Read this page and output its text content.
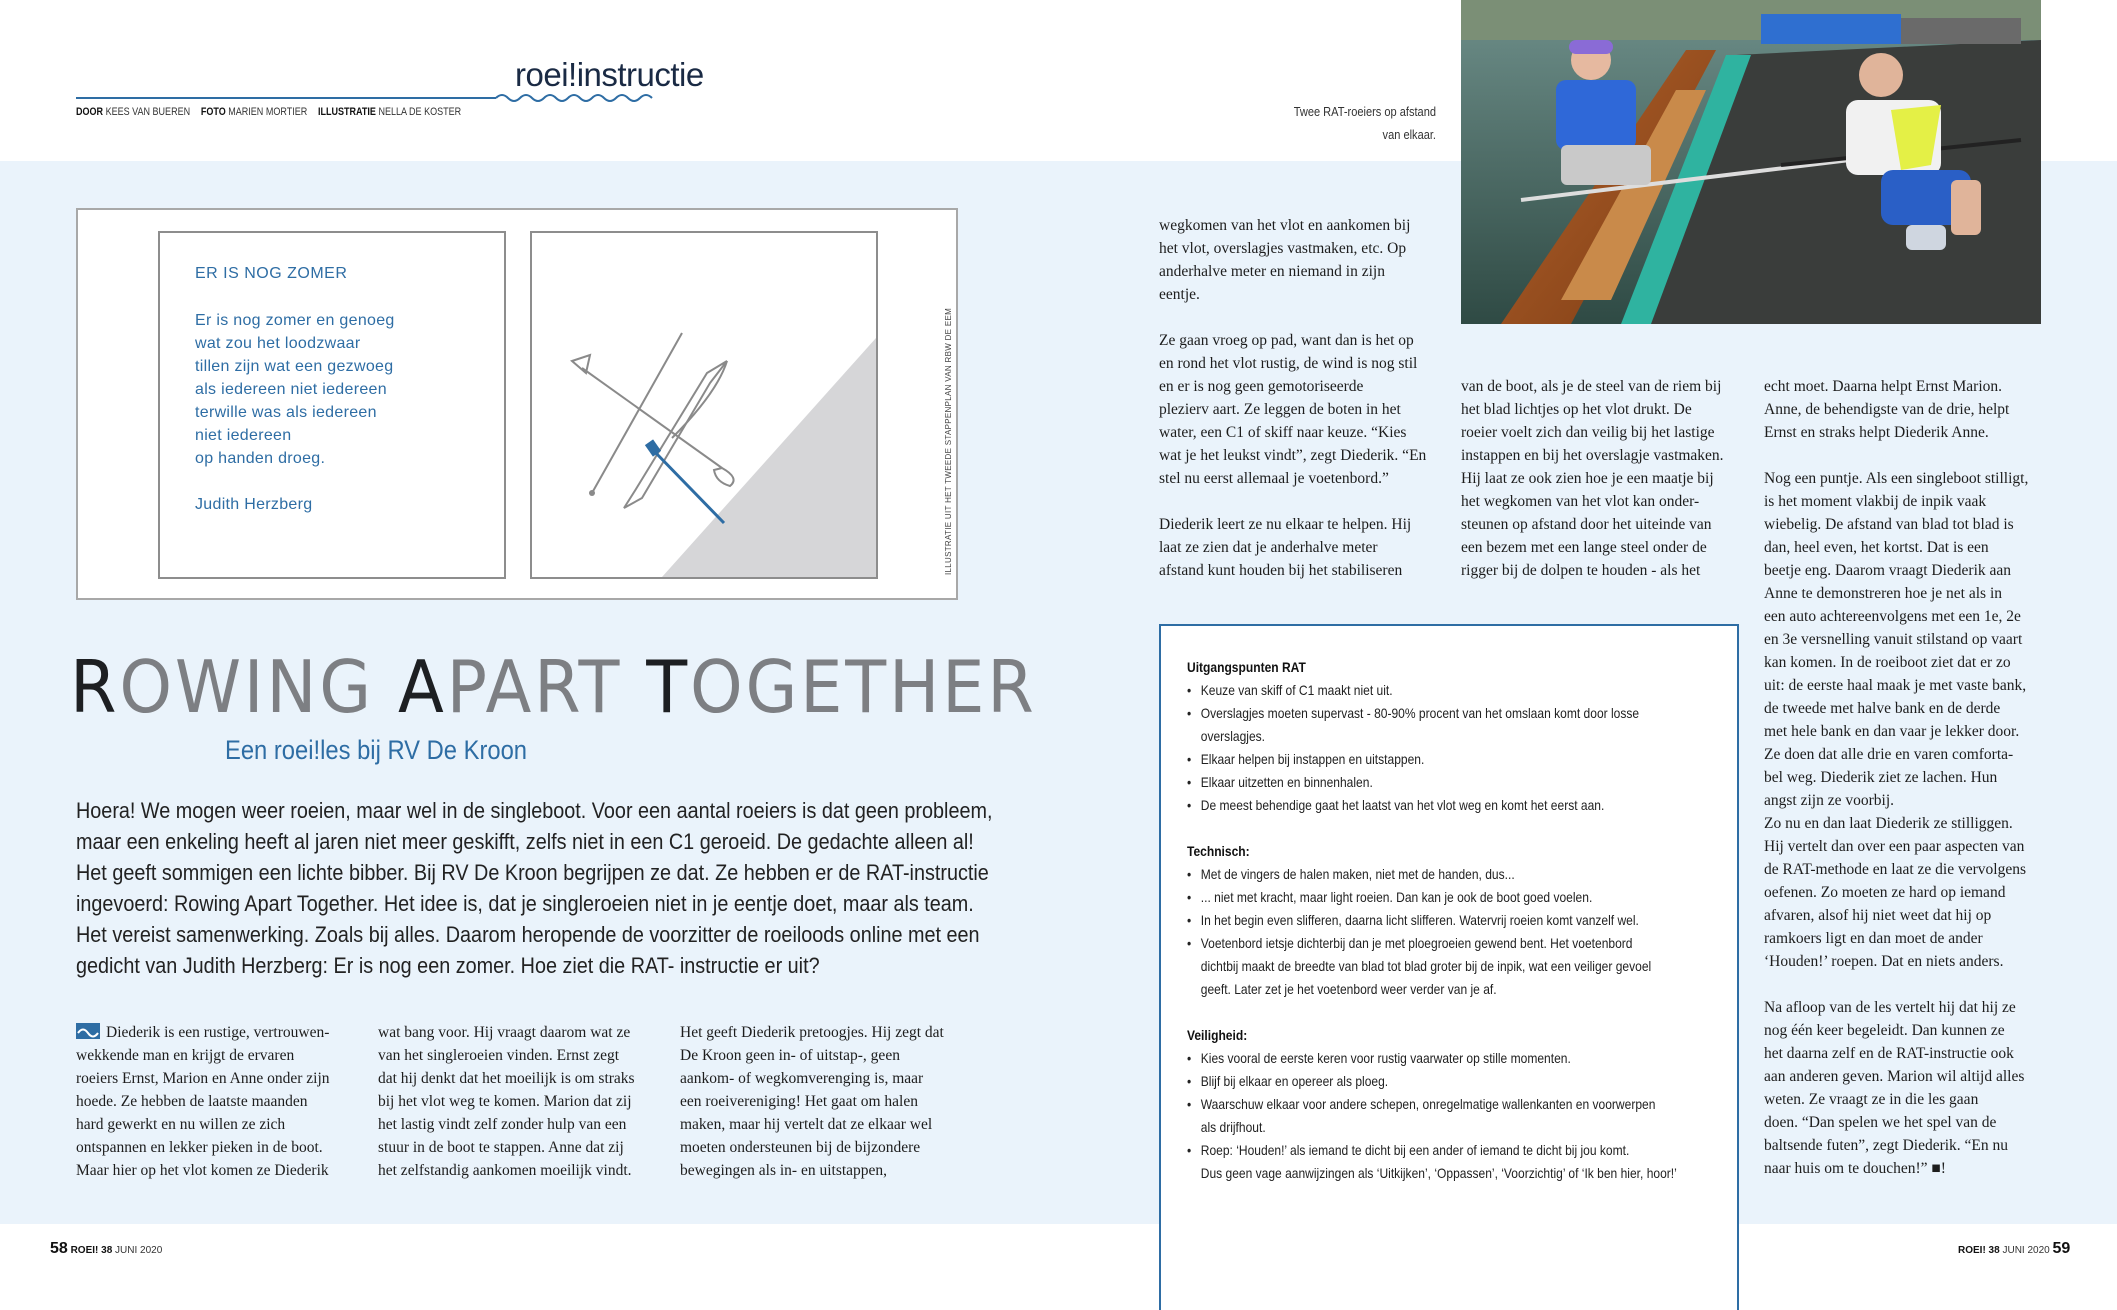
roei!instructie
DOOR KEES VAN BUEREN FOTO MARIEN MORTIER ILLUSTRATIE NELLA DE KOSTER	Twee RAT-roeiers op afstand
van elkaar.
ER IS NOG ZOMER
Er is nog zomer en genoeg
wat zou het loodzwaar
tillen zijn wat een gezwoeg
als iedereen niet iedereen
terwille was als iedereen
niet iedereen
op handen droeg.
Judith Herzberg	ILLUSTRATIE UIT HET TWEEDE STAPPENPLAN VAN RBW DE EEM
ROWING APART TOGETHER
Een roei!les bij RV De Kroon
Hoera! We mogen weer roeien, maar wel in de singleboot. Voor een aantal roeiers is dat geen probleem,
maar een enkeling heeft al jaren niet meer geskifft, zelfs niet in een C1 geroeid. De gedachte alleen al!
Het geeft sommigen een lichte bibber. Bij RV De Kroon begrijpen ze dat. Ze hebben er de RAT-instructie
ingevoerd: Rowing Apart Together. Het idee is, dat je singleroeien niet in je eentje doet, maar als team.
Het vereist samenwerking. Zoals bij alles. Daarom heropende de voorzitter de roeiloods online met een
gedicht van Judith Herzberg: Er is nog een zomer. Hoe ziet die RAT- instructie er uit?
Diederik is een rustige, vertrouwen-
wekkende man en krijgt de ervaren
roeiers Ernst, Marion en Anne onder zijn
hoede. Ze hebben de laatste maanden
hard gewerkt en nu willen ze zich
ontspannen en lekker pieken in de boot.
Maar hier op het vlot komen ze Diederik
wat bang voor. Hij vraagt daarom wat ze
van het singleroeien vinden. Ernst zegt
dat hij denkt dat het moeilijk is om straks
bij het vlot weg te komen. Marion dat zij
het lastig vindt zelf zonder hulp van een
stuur in de boot te stappen. Anne dat zij
het zelfstandig aankomen moeilijk vindt.
Het geeft Diederik pretoogjes. Hij zegt dat
De Kroon geen in- of uitstap-, geen
aankom- of wegkomverenging is, maar
een roeivereniging! Het gaat om halen
maken, maar hij vertelt dat ze elkaar wel
moeten ondersteunen bij de bijzondere
bewegingen als in- en uitstappen,
wegkomen van het vlot en aankomen bij
het vlot, overslagjes vastmaken, etc. Op
anderhalve meter en niemand in zijn
eentje.
Ze gaan vroeg op pad, want dan is het op
en rond het vlot rustig, de wind is nog stil
en er is nog geen gemotoriseerde
plezierv aart. Ze leggen de boten in het
water, een C1 of skiff naar keuze. “Kies
wat je het leukst vindt”, zegt Diederik. “En
stel nu eerst allemaal je voetenbord.”
Diederik leert ze nu elkaar te helpen. Hij
laat ze zien dat je anderhalve meter
afstand kunt houden bij het stabiliseren
van de boot, als je de steel van de riem bij
het blad lichtjes op het vlot drukt. De
roeier voelt zich dan veilig bij het lastige
instappen en bij het overslagje vastmaken.
Hij laat ze ook zien hoe je een maatje bij
het wegkomen van het vlot kan onder-
steunen op afstand door het uiteinde van
een bezem met een lange steel onder de
rigger bij de dolpen te houden - als het
echt moet. Daarna helpt Ernst Marion.
Anne, de behendigste van de drie, helpt
Ernst en straks helpt Diederik Anne.
Nog een puntje. Als een singleboot stilligt,
is het moment vlakbij de inpik vaak
wiebelig. De afstand van blad tot blad is
dan, heel even, het kortst. Dat is een
beetje eng. Daarom vraagt Diederik aan
Anne te demonstreren hoe je net als in
een auto achtereenvolgens met een 1e, 2e
en 3e versnelling vanuit stilstand op vaart
kan komen. In de roeiboot ziet dat er zo
uit: de eerste haal maak je met vaste bank,
de tweede met halve bank en de derde
met hele bank en dan vaar je lekker door.
Ze doen dat alle drie en varen comforta-
bel weg. Diederik ziet ze lachen. Hun
angst zijn ze voorbij.
Zo nu en dan laat Diederik ze stilliggen.
Hij vertelt dan over een paar aspecten van
de RAT-methode en laat ze die vervolgens
oefenen. Zo moeten ze hard op iemand
afvaren, alsof hij niet weet dat hij op
ramkoers ligt en dan moet de ander
‘Houden!’ roepen. Dat en niets anders.
Na afloop van de les vertelt hij dat hij ze
nog één keer begeleidt. Dan kunnen ze
het daarna zelf en de RAT-instructie ook
aan anderen geven. Marion wil altijd alles
weten. Ze vraagt ze in die les gaan
doen. “Dan spelen we het spel van de
baltsende futen”, zegt Diederik. “En nu
naar huis om te douchen!” ■!
Uitgangspunten RAT
• Keuze van skiff of C1 maakt niet uit.
• Overslagjes moeten supervast - 80-90% procent van het omslaan komt door losse
overslagjes.
• Elkaar helpen bij instappen en uitstappen.
• Elkaar uitzetten en binnenhalen.
• De meest behendige gaat het laatst van het vlot weg en komt het eerst aan.
Technisch:
• Met de vingers de halen maken, niet met de handen, dus...
• ... niet met kracht, maar light roeien. Dan kan je ook de boot goed voelen.
• In het begin even slifferen, daarna licht slifferen. Watervrij roeien komt vanzelf wel.
• Voetenbord ietsje dichterbij dan je met ploegroeien gewend bent. Het voetenbord
dichtbij maakt de breedte van blad tot blad groter bij de inpik, wat een veiliger gevoel
geeft. Later zet je het voetenbord weer verder van je af.
Veiligheid:
• Kies vooral de eerste keren voor rustig vaarwater op stille momenten.
• Blijf bij elkaar en opereer als ploeg.
• Waarschuw elkaar voor andere schepen, onregelmatige wallenkanten en voorwerpen
als drijfhout.
• Roep: ‘Houden!’ als iemand te dicht bij een ander of iemand te dicht bij jou komt.
Dus geen vage aanwijzingen als ‘Uitkijken’, ‘Oppassen’, ‘Voorzichtig’ of ‘Ik ben hier, hoor!’
58 ROEI! 38 JUNI 2020	ROEI! 38 JUNI 2020 59
